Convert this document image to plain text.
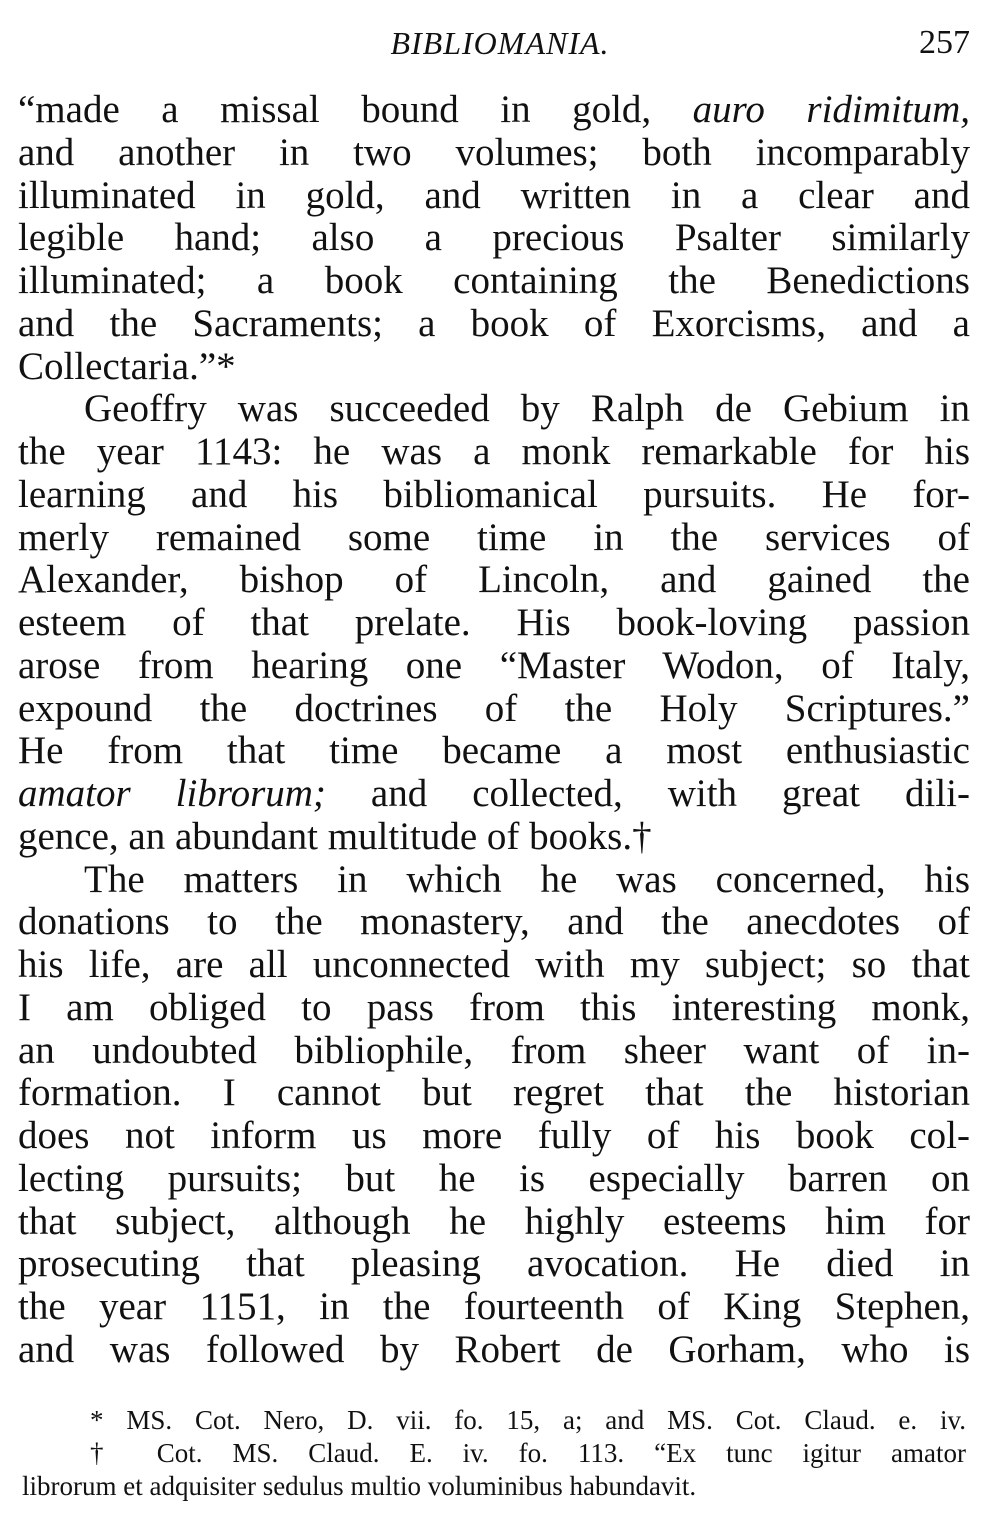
BIBLIOMANIA.	257
“made a missal bound in gold, auro ridimitum,
and another in two volumes; both incomparably
illuminated in gold, and written in a clear and
legible hand; also a precious Psalter similarly
illuminated; a book containing the Benedictions
and the Sacraments; a book of Exorcisms, and a
Collectaria.”*
Geoffry was succeeded by Ralph de Gebium in
the year 1143: he was a monk remarkable for his
learning and his bibliomanical pursuits. He for-
merly remained some time in the services of
Alexander, bishop of Lincoln, and gained the
esteem of that prelate. His book-loving passion
arose from hearing one “Master Wodon, of Italy,
expound the doctrines of the Holy Scriptures.”
He from that time became a most enthusiastic
amator librorum; and collected, with great dili-
gence, an abundant multitude of books.†
The matters in which he was concerned, his
donations to the monastery, and the anecdotes of
his life, are all unconnected with my subject; so that
I am obliged to pass from this interesting monk,
an undoubted bibliophile, from sheer want of in-
formation. I cannot but regret that the historian
does not inform us more fully of his book col-
lecting pursuits; but he is especially barren on
that subject, although he highly esteems him for
prosecuting that pleasing avocation. He died in
the year 1151, in the fourteenth of King Stephen,
and was followed by Robert de Gorham, who is
* MS. Cot. Nero, D. vii. fo. 15, a; and MS. Cot. Claud. e. iv.
† Cot. MS. Claud. E. iv. fo. 113. “Ex tunc igitur amator
librorum et adquisiter sedulus multio voluminibus habundavit.
